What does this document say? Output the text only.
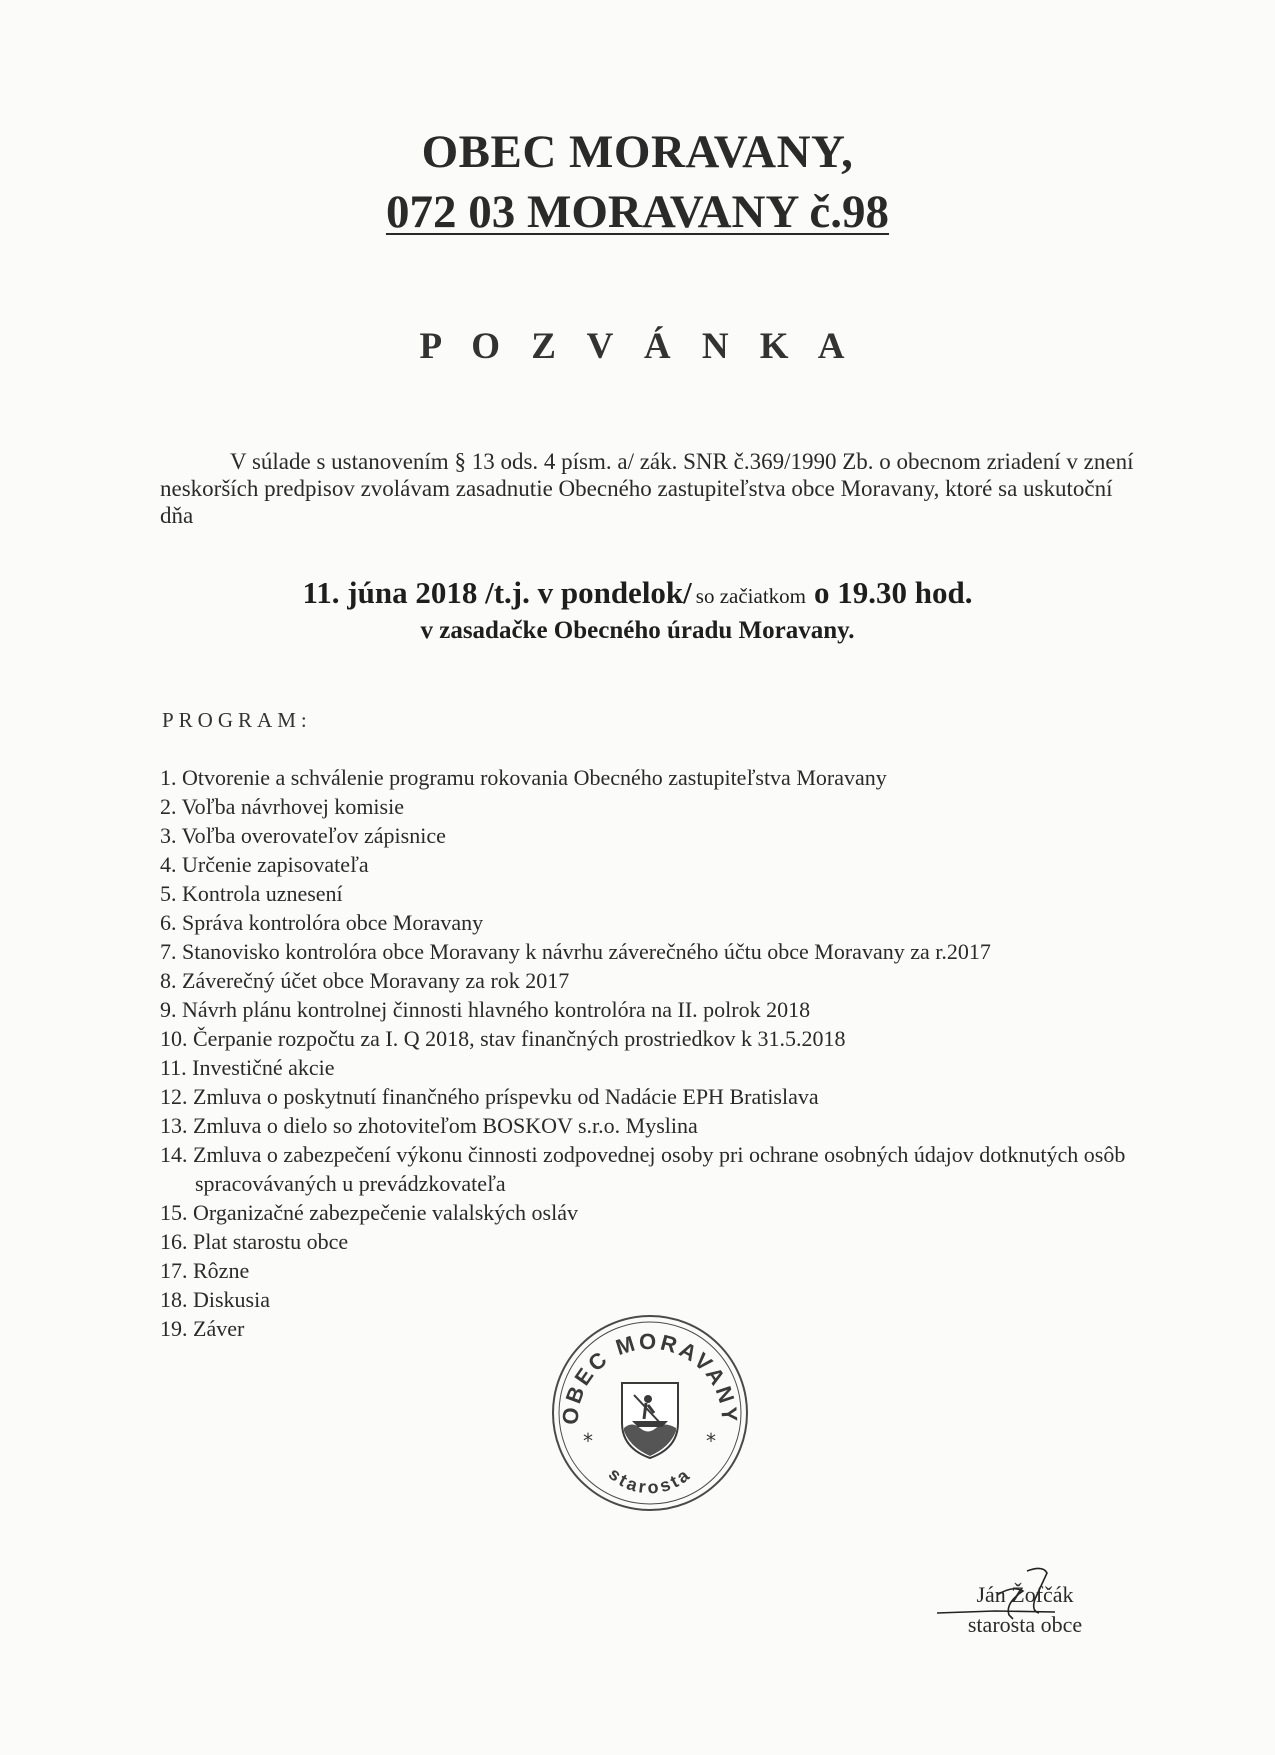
OBEC MORAVANY,
072 03 MORAVANY č.98
P O Z V Á N K A
V súlade s ustanovením § 13 ods. 4 písm. a/ zák. SNR č.369/1990 Zb. o obecnom zriadení v znení neskorších predpisov zvolávam zasadnutie Obecného zastupiteľstva obce Moravany, ktoré sa uskutoční dňa
11. júna 2018 /t.j. v pondelok/ so začiatkom o 19.30 hod.
v zasadačke Obecného úradu Moravany.
PROGRAM:
1. Otvorenie a schválenie programu rokovania Obecného zastupiteľstva Moravany
2. Voľba návrhovej komisie
3. Voľba overovateľov zápisnice
4. Určenie zapisovateľa
5. Kontrola uznesení
6. Správa kontrolóra obce Moravany
7. Stanovisko kontrolóra obce Moravany k návrhu záverečného účtu obce Moravany za r.2017
8. Záverečný účet obce Moravany za rok 2017
9. Návrh plánu kontrolnej činnosti hlavného kontrolóra na II. polrok 2018
10. Čerpanie rozpočtu za I. Q 2018, stav finančných prostriedkov k 31.5.2018
11. Investičné akcie
12. Zmluva o poskytnutí finančného príspevku od Nadácie EPH Bratislava
13. Zmluva o dielo so zhotoviteľom BOSKOV s.r.o. Myslina
14. Zmluva o zabezpečení výkonu činnosti zodpovednej osoby pri ochrane osobných údajov dotknutých osôb spracovávaných u prevádzkovateľa
15. Organizačné zabezpečenie valalských osláv
16. Plat starostu obce
17. Rôzne
18. Diskusia
19. Záver
OBEC MORAVANY
starosta
*	*
Ján Žofčák
starosta obce
